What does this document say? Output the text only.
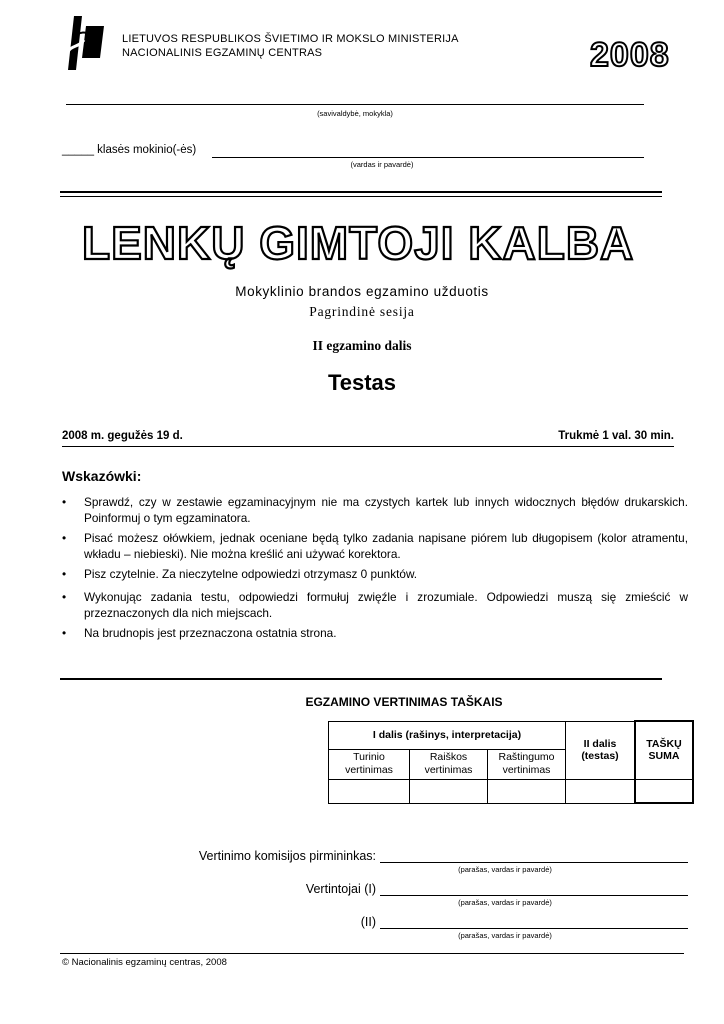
LIETUVOS RESPUBLIKOS ŠVIETIMO IR MOKSLO MINISTERIJA
NACIONALINIS EGZAMINŲ CENTRAS	2008
(savivaldybė, mokykla)
_____ klasės mokinio(-ės)
(vardas ir pavardė)
LENKŲ GIMTOJI KALBA
Mokyklinio brandos egzamino užduotis
Pagrindinė sesija
II egzamino dalis
Testas
2008 m. gegužės 19 d.	Trukmė 1 val. 30 min.
Wskazówki:
• Sprawdź, czy w zestawie egzaminacyjnym nie ma czystych kartek lub innych widocznych błędów drukarskich. Poinformuj o tym egzaminatora.
• Pisać możesz ołówkiem, jednak oceniane będą tylko zadania napisane piórem lub długopisem (kolor atramentu, wkładu – niebieski). Nie można kreślić ani używać korektora.
• Pisz czytelnie. Za nieczytelne odpowiedzi otrzymasz 0 punktów.
• Wykonując zadania testu, odpowiedzi formułuj zwięźle i zrozumiale. Odpowiedzi muszą się zmieścić w przeznaczonych dla nich miejscach.
• Na brudnopis jest przeznaczona ostatnia strona.
EGZAMINO VERTINIMAS TAŠKAIS
I dalis (rašinys, interpretacija)			II dalis (testas)	TAŠKŲ SUMA
Turinio vertinimas	Raiškos vertinimas	Raštingumo vertinimas		

Vertinimo komisijos pirmininkas:
(parašas, vardas ir pavardė)
Vertintojai (I)
(parašas, vardas ir pavardė)
(II)
(parašas, vardas ir pavardė)
© Nacionalinis egzaminų centras, 2008
